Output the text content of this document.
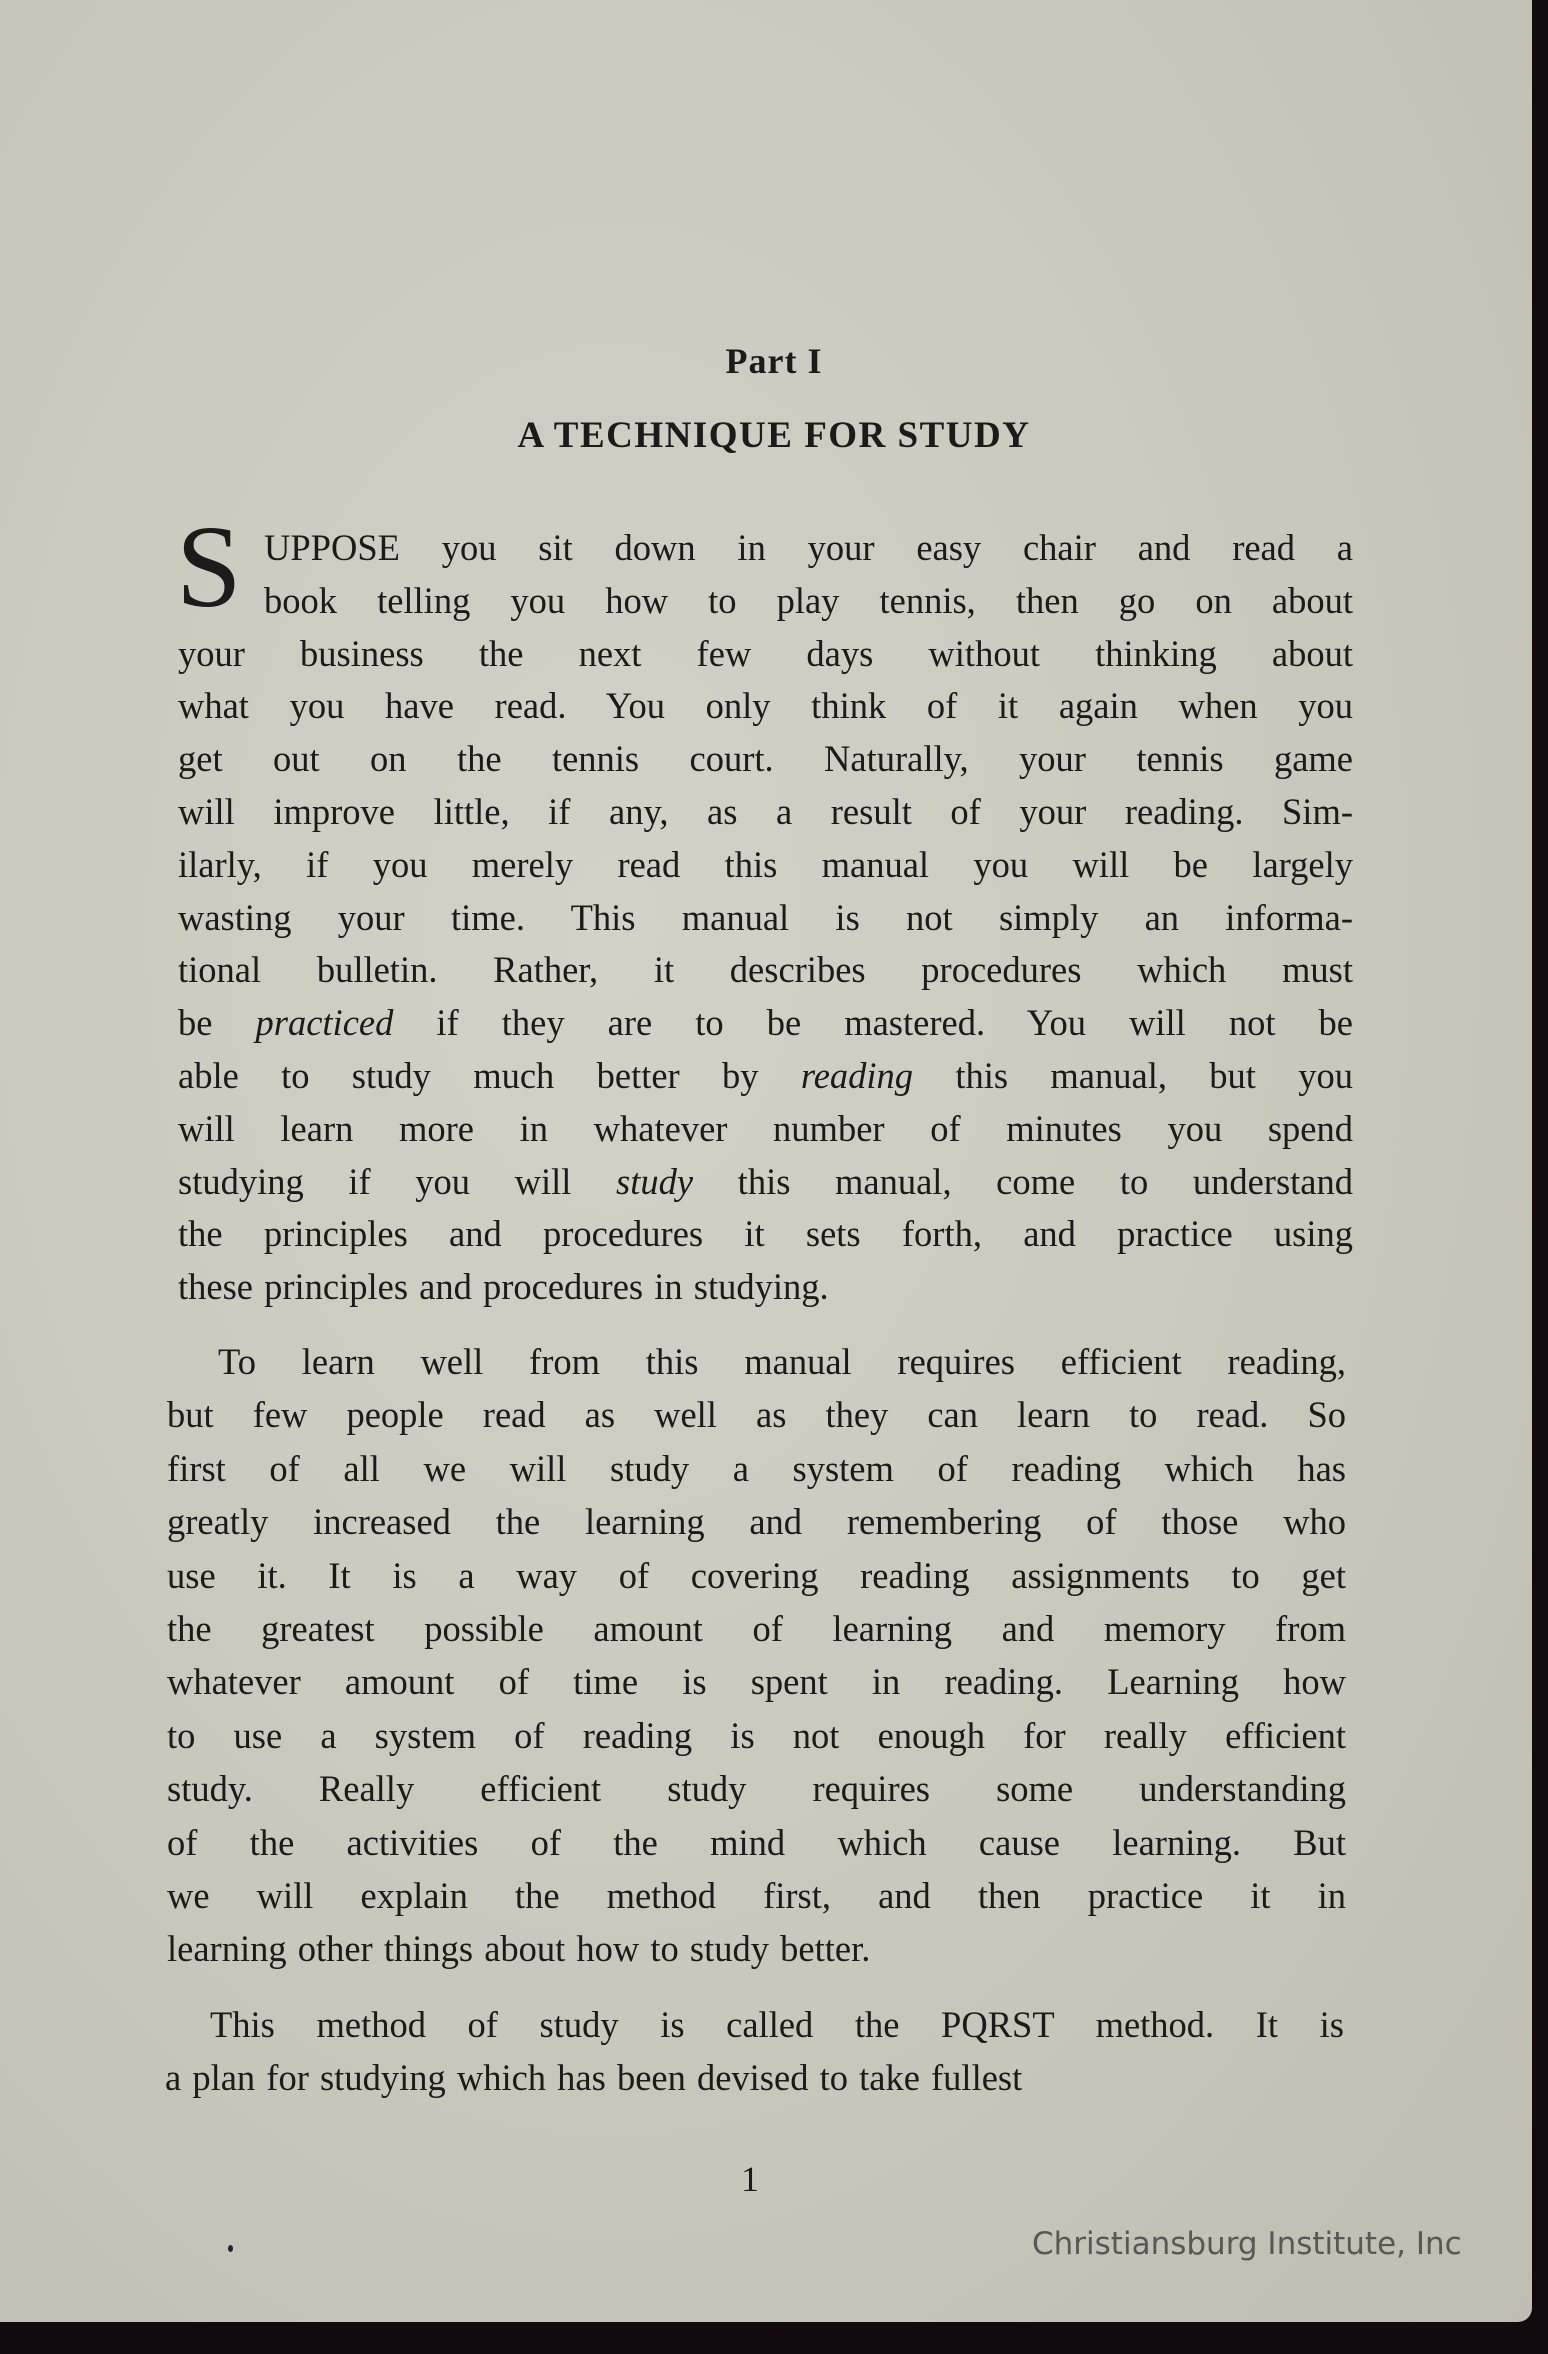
Part I
A TECHNIQUE FOR STUDY
S UPPOSE you sit down in your easy chair and read a
book telling you how to play tennis, then go on about
your business the next few days without thinking about
what you have read. You only think of it again when you
get out on the tennis court. Naturally, your tennis game
will improve little, if any, as a result of your reading. Sim-
ilarly, if you merely read this manual you will be largely
wasting your time. This manual is not simply an informa-
tional bulletin. Rather, it describes procedures which must
be practiced if they are to be mastered. You will not be
able to study much better by reading this manual, but you
will learn more in whatever number of minutes you spend
studying if you will study this manual, come to understand
the principles and procedures it sets forth, and practice using
these principles and procedures in studying.
To learn well from this manual requires efficient reading,
but few people read as well as they can learn to read. So
first of all we will study a system of reading which has
greatly increased the learning and remembering of those who
use it. It is a way of covering reading assignments to get
the greatest possible amount of learning and memory from
whatever amount of time is spent in reading. Learning how
to use a system of reading is not enough for really efficient
study. Really efficient study requires some understanding
of the activities of the mind which cause learning. But
we will explain the method first, and then practice it in
learning other things about how to study better.
This method of study is called the PQRST method. It is
a plan for studying which has been devised to take fullest
1
Christiansburg Institute, Inc
